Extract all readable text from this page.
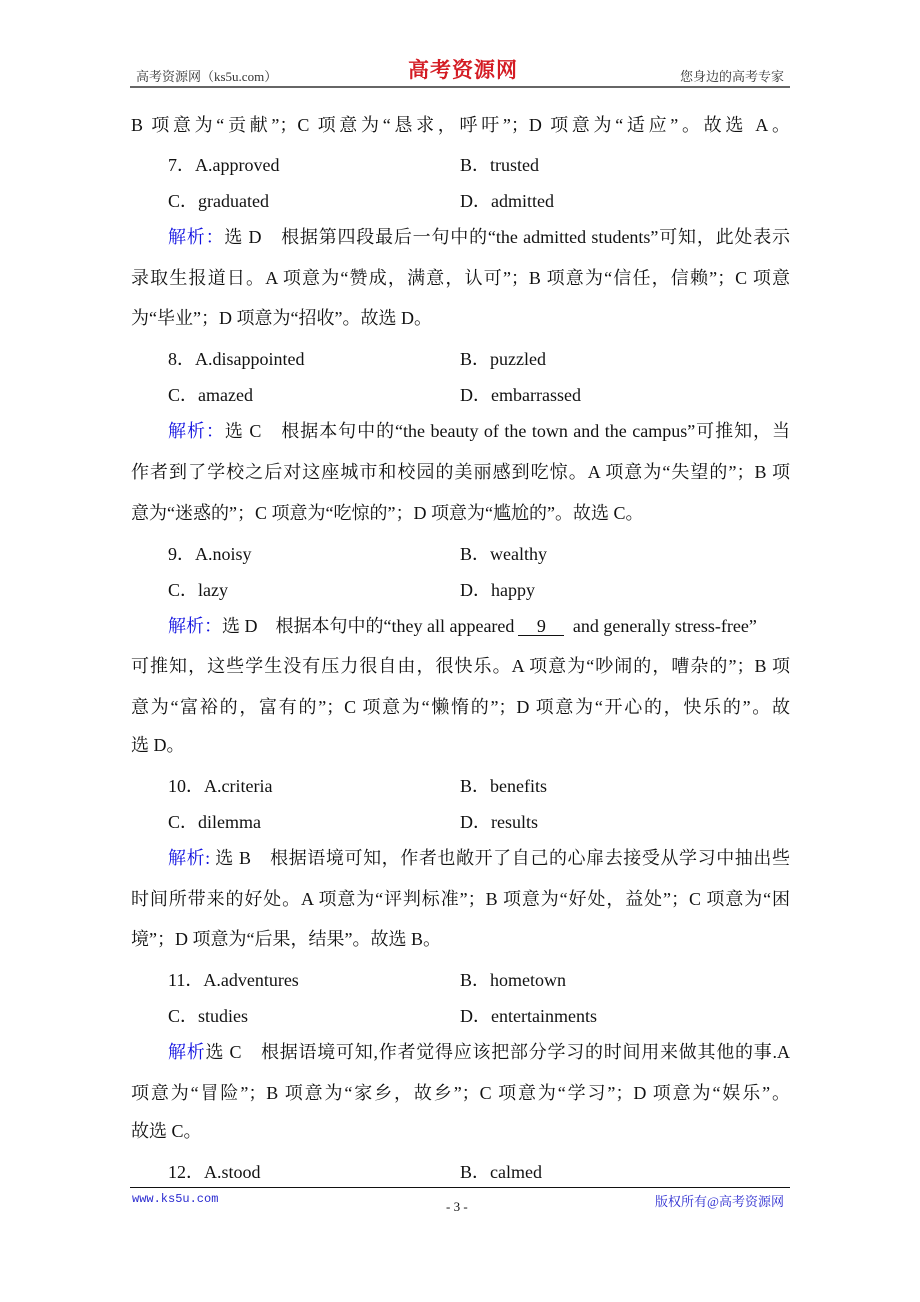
高考资源网（ks5u.com）	高考资源网	您身边的高考专家
B 项意为“贡献”；C 项意为“恳求，呼吁”；D 项意为“适应”。故选 A。
7．A.approved	B．trusted
C．graduated	D．admitted
解析：选 D　根据第四段最后一句中的“the admitted students”可知，此处表示
录取生报道日。A 项意为“赞成，满意，认可”；B 项意为“信任，信赖”；C 项意
为“毕业”；D 项意为“招收”。故选 D。
8．A.disappointed	B．puzzled
C．amazed	D．embarrassed
解析：选 C　根据本句中的“the beauty of the town and the campus”可推知，当
作者到了学校之后对这座城市和校园的美丽感到吃惊。A 项意为“失望的”；B 项
意为“迷惑的”；C 项意为“吃惊的”；D 项意为“尴尬的”。故选 C。
9．A.noisy	B．wealthy
C．lazy	D．happy
解析：选 D　根据本句中的“they all appeared 9 and generally stress-free”
可推知，这些学生没有压力很自由，很快乐。A 项意为“吵闹的，嘈杂的”；B 项
意为“富裕的，富有的”；C 项意为“懒惰的”；D 项意为“开心的，快乐的”。故
选 D。
10．A.criteria	B．benefits
C．dilemma	D．results
解析: 选 B　根据语境可知，作者也敞开了自己的心扉去接受从学习中抽出些
时间所带来的好处。A 项意为“评判标准”；B 项意为“好处，益处”；C 项意为“困
境”；D 项意为“后果，结果”。故选 B。
11．A.adventures	B．hometown
C．studies	D．entertainments
解析选 C　根据语境可知,作者觉得应该把部分学习的时间用来做其他的事.A
项意为“冒险”；B 项意为“家乡，故乡”；C 项意为“学习”；D 项意为“娱乐”。
故选 C。
12．A.stood	B．calmed
www.ks5u.com	- 3 -	版权所有@高考资源网
